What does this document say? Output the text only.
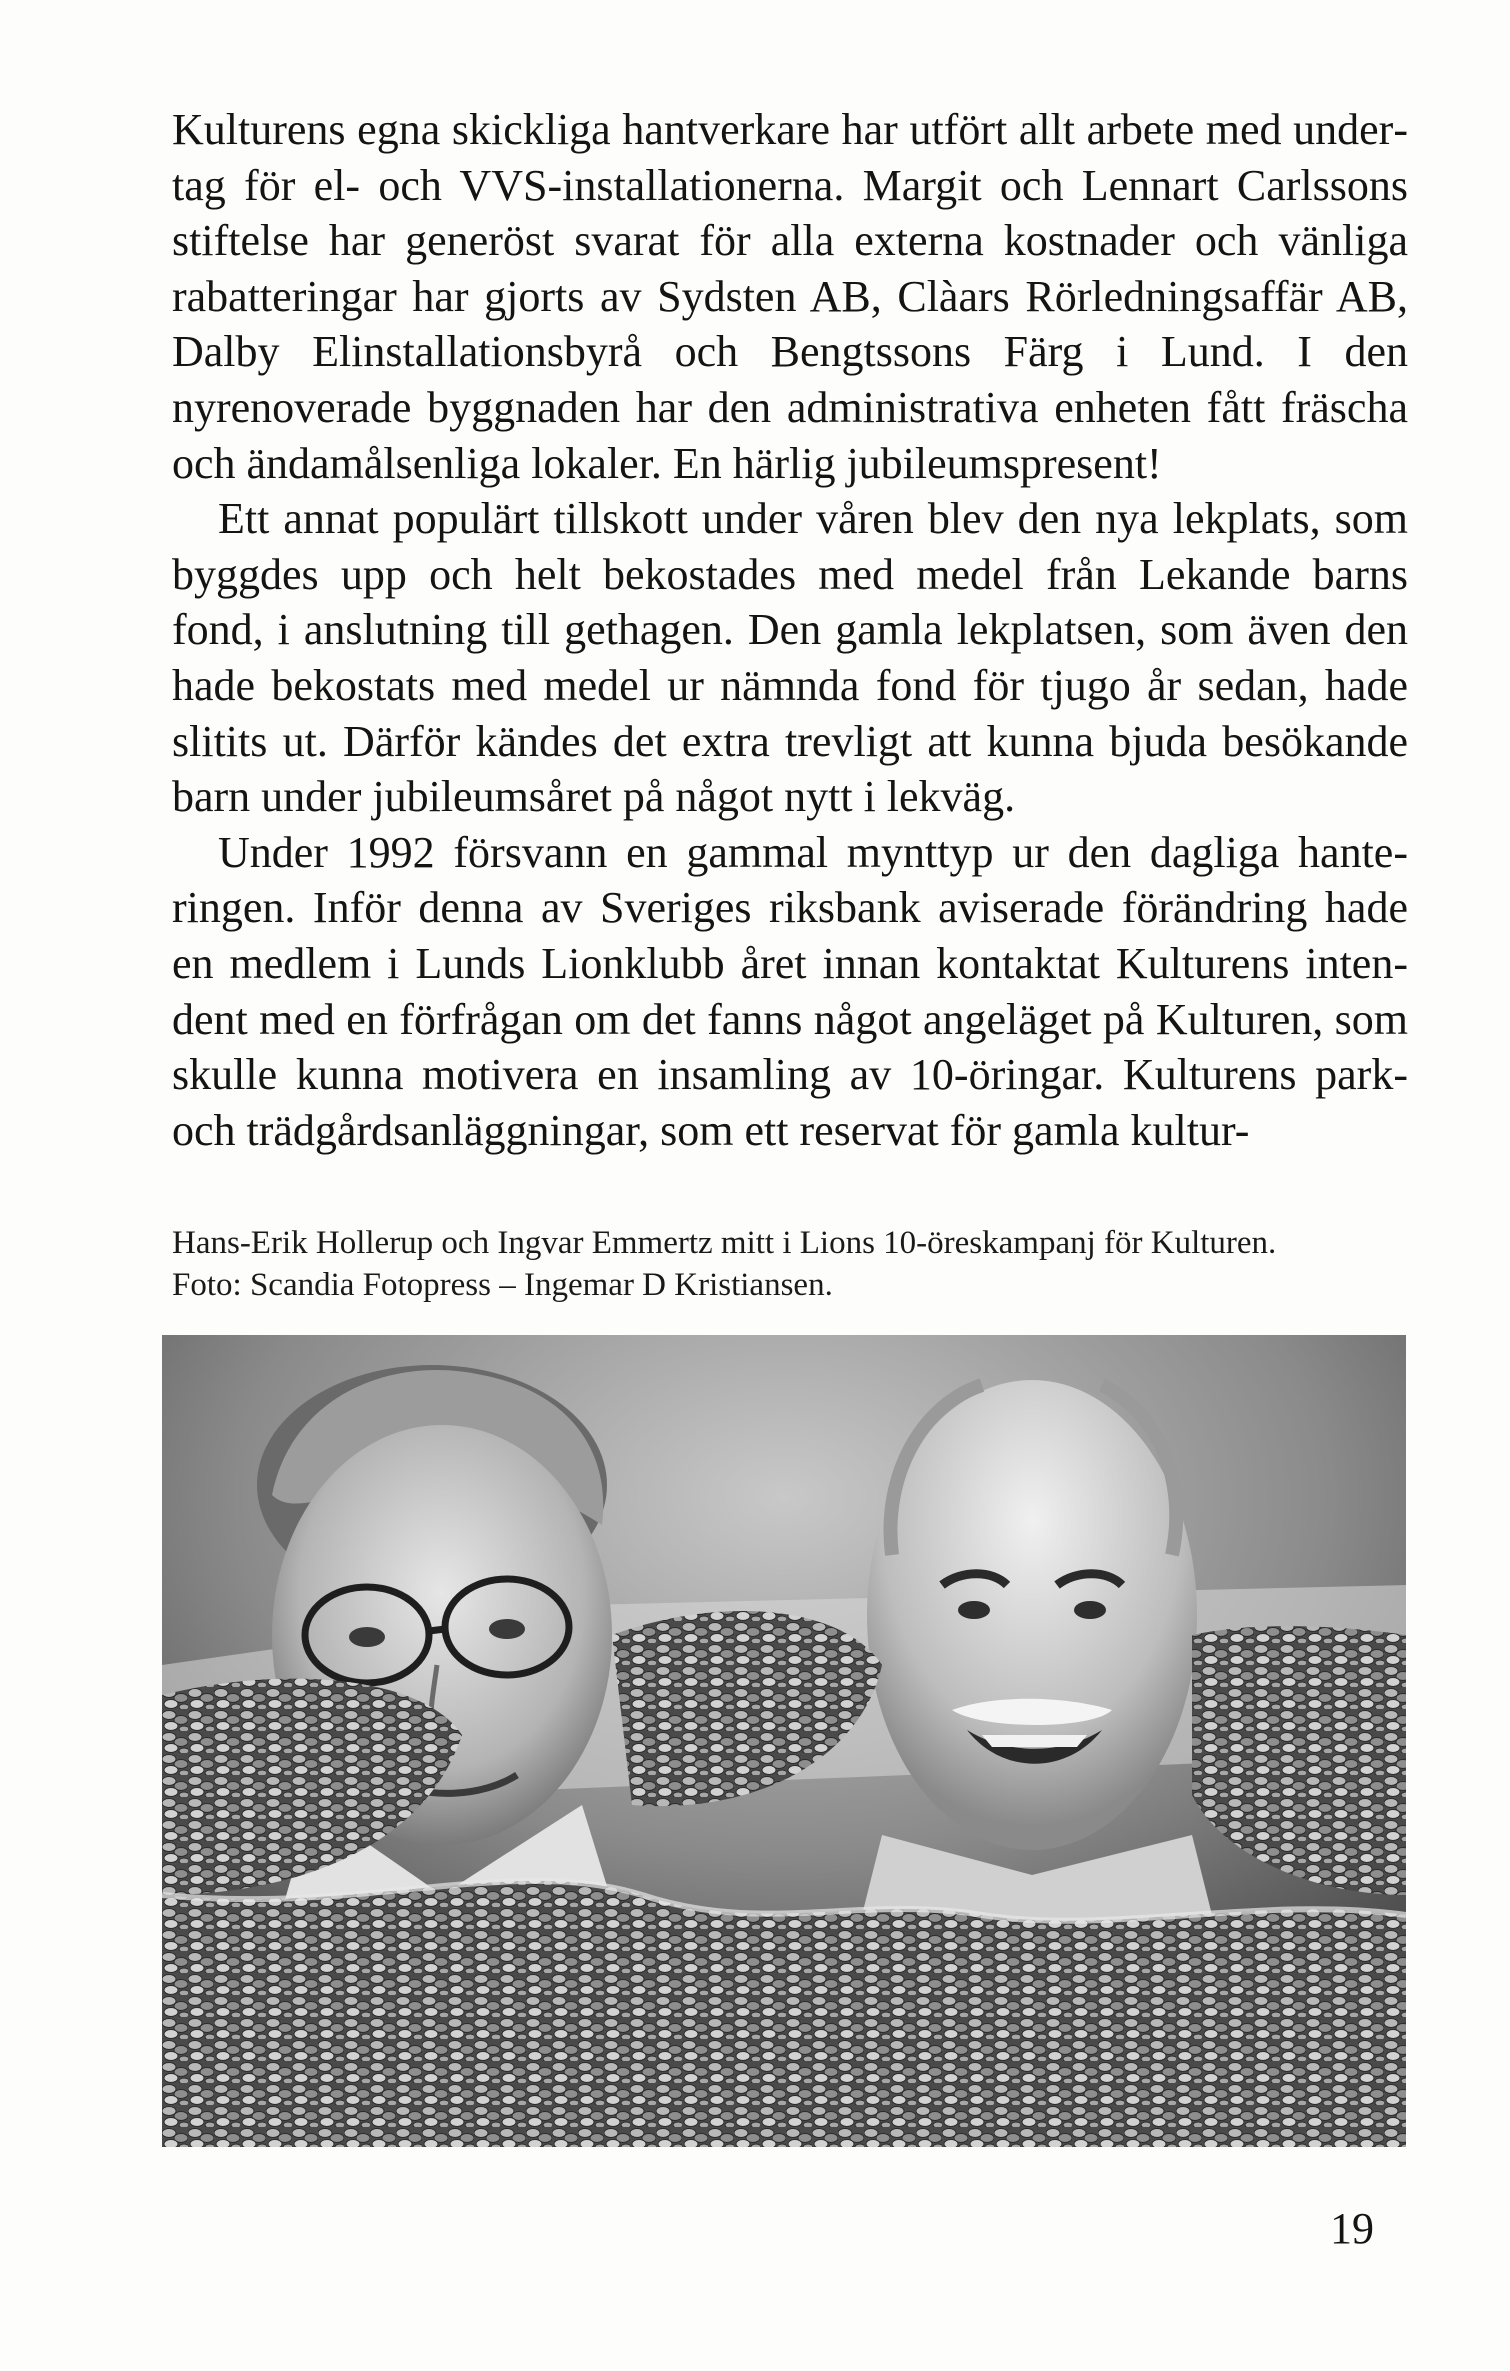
Kulturens egna skickliga hantverkare har utfört allt arbete med undertag för el- och VVS-installationerna. Margit och Lennart Carlssons stiftelse har generöst svarat för alla externa kostnader och vänliga rabatteringar har gjorts av Sydsten AB, Clàars Rörledningsaffär AB, Dalby Elinstallationsbyrå och Bengtssons Färg i Lund. I den nyrenoverade byggnaden har den administrativa enheten fått fräscha och ändamålsenliga lokaler. En härlig jubileumspresent!

Ett annat populärt tillskott under våren blev den nya lekplats, som byggdes upp och helt bekostades med medel från Lekande barns fond, i anslutning till gethagen. Den gamla lekplatsen, som även den hade bekostats med medel ur nämnda fond för tjugo år sedan, hade slitits ut. Därför kändes det extra trevligt att kunna bjuda besökande barn under jubileumsåret på något nytt i lekväg.

Under 1992 försvann en gammal mynttyp ur den dagliga hanteringen. Inför denna av Sveriges riksbank aviserade förändring hade en medlem i Lunds Lionklubb året innan kontaktat Kulturens intendent med en förfrågan om det fanns något angeläget på Kulturen, som skulle kunna motivera en insamling av 10-öringar. Kulturens park- och trädgårdsanläggningar, som ett reservat för gamla kultur-

Hans-Erik Hollerup och Ingvar Emmertz mitt i Lions 10-öreskampanj för Kulturen.
Foto: Scandia Fotopress – Ingemar D Kristiansen.
19
